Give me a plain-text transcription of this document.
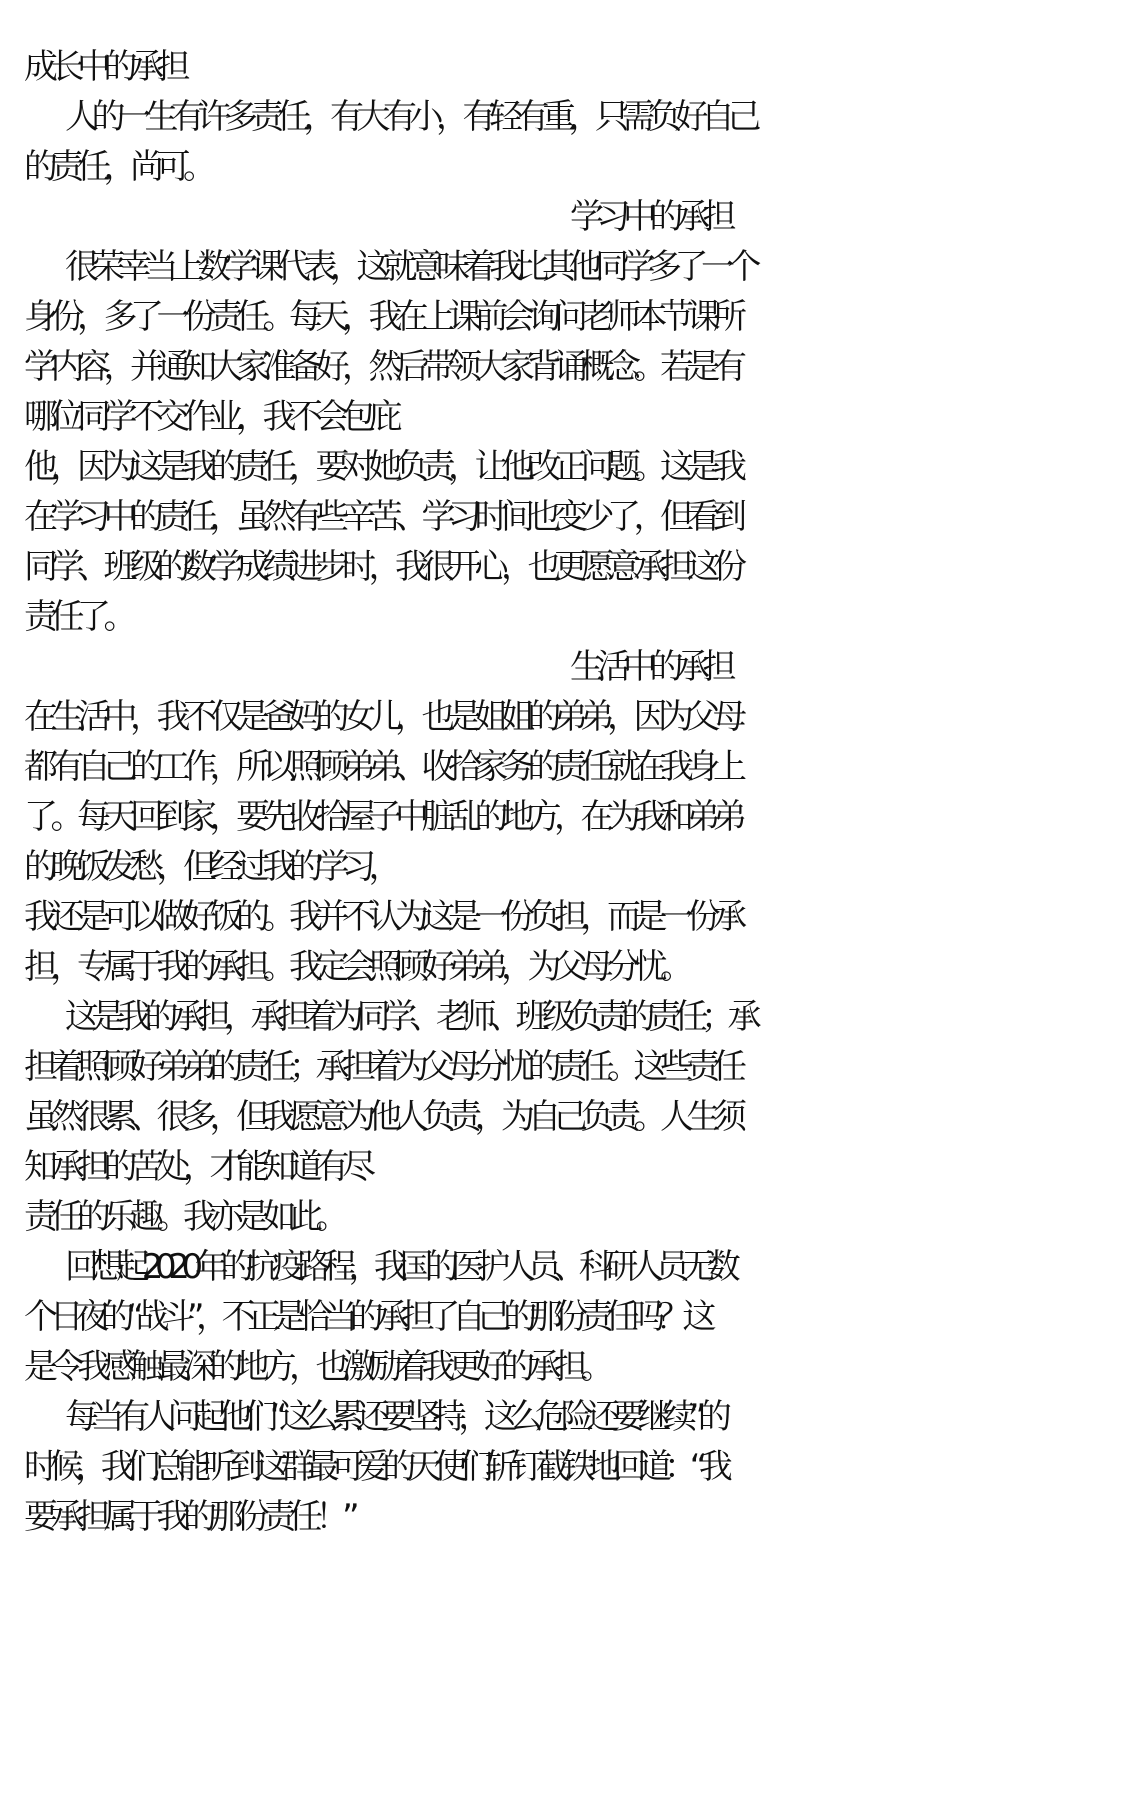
成长中的承担
人的一生有许多责任，有大有小，有轻有重，只需负好自己
的责任，尚可。
学习中的承担
很荣幸当上数学课代表，这就意味着我比其他同学多了一个
身份，多了一份责任。每天，我在上课前会询问老师本节课所
学内容，并通知大家准备好，然后带领大家背诵概念。若是有
哪位同学不交作业，我不会包庇
他，因为这是我的责任，要对她负责，让他改正问题。这是我
在学习中的责任，虽然有些辛苦、学习时间也变少了，但看到
同学、班级的数学成绩进步时，我很开心，也更愿意承担这份
责任了。
生活中的承担
在生活中，我不仅是爸妈的女儿，也是姐姐的弟弟，因为父母
都有自己的工作，所以照顾弟弟、收拾家务的责任就在我身上
了。每天回到家，要先收拾屋子中脏乱的地方，在为我和弟弟
的晚饭发愁，但经过我的学习，
我还是可以做好饭的。我并不认为这是一份负担，而是一份承
担，专属于我的承担。我定会照顾好弟弟，为父母分忧。
这是我的承担，承担着为同学、老师、班级负责的责任；承
担着照顾好弟弟的责任；承担着为父母分忧的责任。这些责任
虽然很累、很多，但我愿意为他人负责，为自己负责。人生须
知承担的苦处，才能知道有尽
责任的乐趣。我亦是如此。
回想起2020年的抗疫路程，我国的医护人员、科研人员无数
个日夜的“战斗”，不正是恰当的承担了自己的那份责任吗？这
是令我感触最深的地方，也激励着我更好的承担。
每当有人问起他们“这么累还要坚持，这么危险还要继续”的
时候，我们总能听到这群最可爱的天使们斩钉截铁地回道：“我
要承担属于我的那份责任！”
